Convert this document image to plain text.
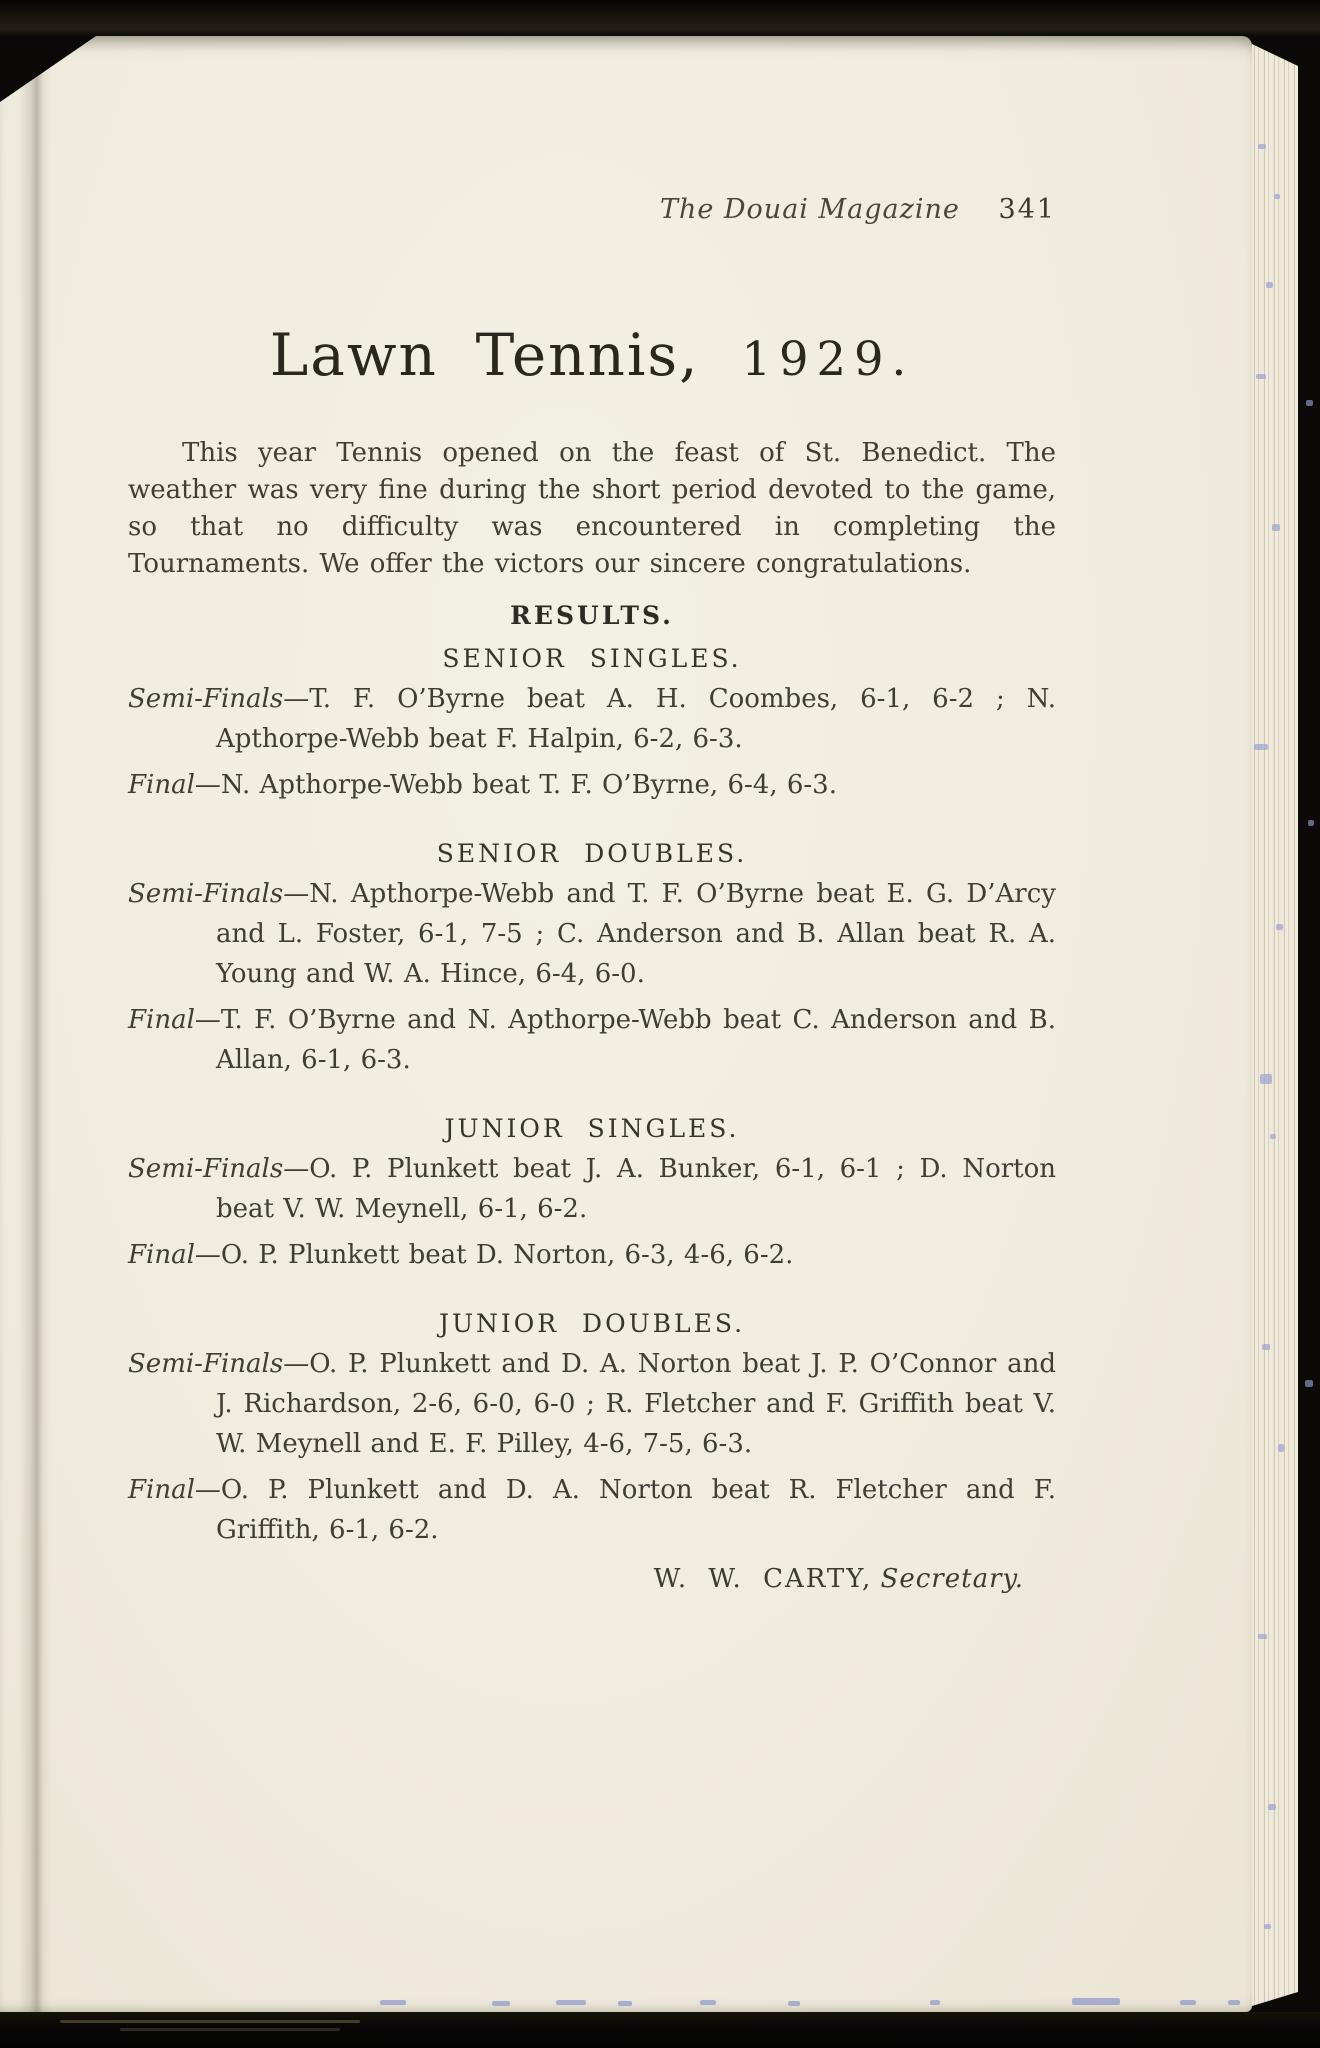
The Douai Magazine 341
Lawn Tennis, 1929.

This year Tennis opened on the feast of St. Benedict. The weather was very fine during the short period devoted to the game, so that no difficulty was encountered in completing the Tournaments. We offer the victors our sincere congratulations.

RESULTS.
SENIOR SINGLES.

Semi-Finals—T. F. O’Byrne beat A. H. Coombes, 6-1, 6-2 ; N. Apthorpe-Webb beat F. Halpin, 6-2, 6-3.

Final—N. Apthorpe-Webb beat T. F. O’Byrne, 6-4, 6-3.

SENIOR DOUBLES.

Semi-Finals—N. Apthorpe-Webb and T. F. O’Byrne beat E. G. D’Arcy and L. Foster, 6-1, 7-5 ; C. Anderson and B. Allan beat R. A. Young and W. A. Hince, 6-4, 6-0.

Final—T. F. O’Byrne and N. Apthorpe-Webb beat C. Anderson and B. Allan, 6-1, 6-3.

JUNIOR SINGLES.

Semi-Finals—O. P. Plunkett beat J. A. Bunker, 6-1, 6-1 ; D. Norton beat V. W. Meynell, 6-1, 6-2.

Final—O. P. Plunkett beat D. Norton, 6-3, 4-6, 6-2.

JUNIOR DOUBLES.

Semi-Finals—O. P. Plunkett and D. A. Norton beat J. P. O’Connor and J. Richardson, 2-6, 6-0, 6-0 ; R. Fletcher and F. Griffith beat V. W. Meynell and E. F. Pilley, 4-6, 7-5, 6-3.

Final—O. P. Plunkett and D. A. Norton beat R. Fletcher and F. Griffith, 6-1, 6-2.

W. W. CARTY, Secretary.
